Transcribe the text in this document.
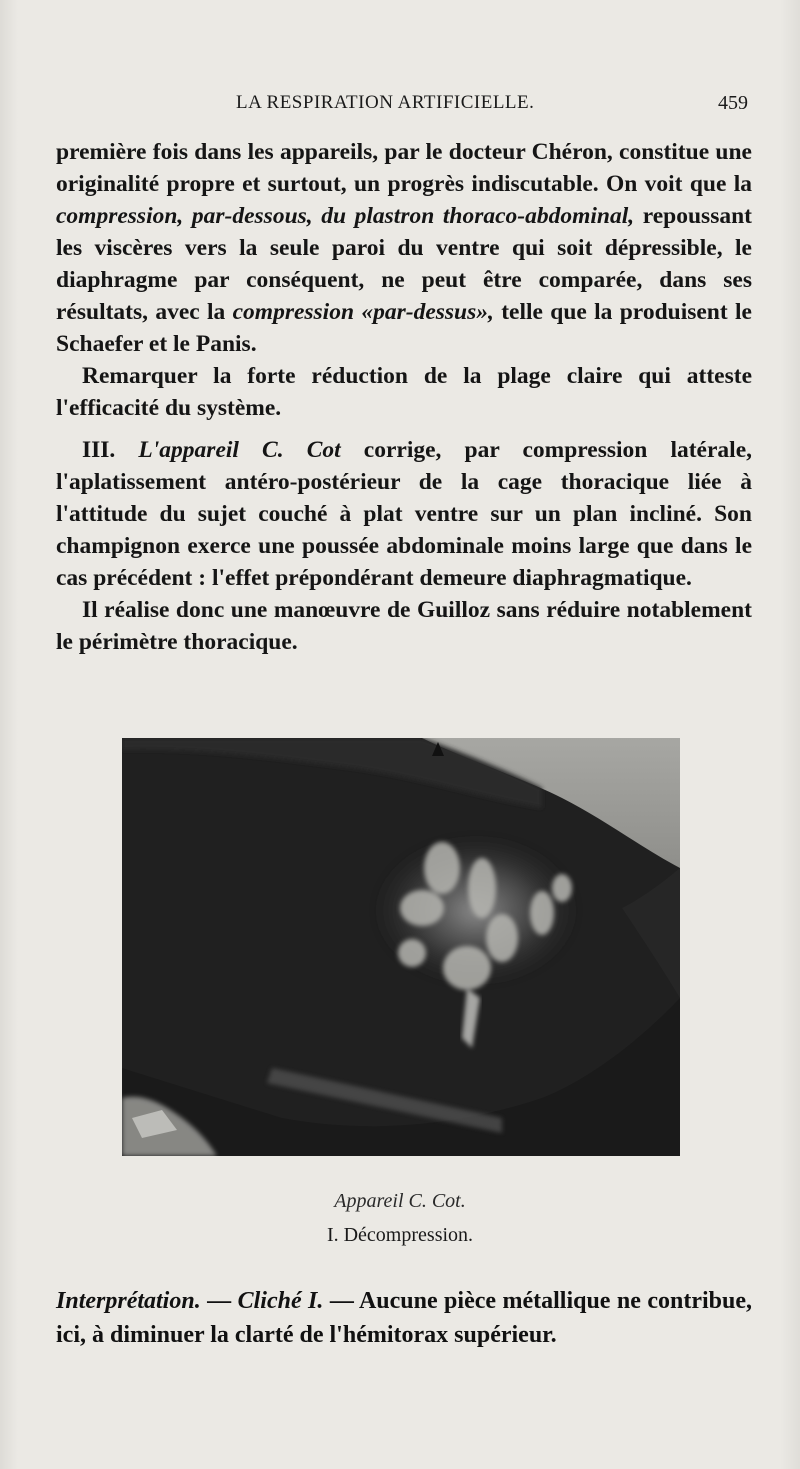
LA RESPIRATION ARTIFICIELLE.	459

première fois dans les appareils, par le docteur Chéron, constitue une originalité propre et surtout, un progrès indiscutable. On voit que la compression, par-dessous, du plastron thoraco-abdominal, repoussant les viscères vers la seule paroi du ventre qui soit dépressible, le diaphragme par conséquent, ne peut être comparée, dans ses résultats, avec la compression «par-dessus», telle que la produisent le Schaefer et le Panis.

Remarquer la forte réduction de la plage claire qui atteste l'efficacité du système.

III. L'appareil C. Cot corrige, par compression latérale, l'aplatissement antéro-postérieur de la cage thoracique liée à l'attitude du sujet couché à plat ventre sur un plan incliné. Son champignon exerce une poussée abdominale moins large que dans le cas précédent : l'effet prépondérant demeure diaphragmatique.

Il réalise donc une manœuvre de Guilloz sans réduire notablement le périmètre thoracique.

Appareil C. Cot.
I. Décompression.
Interprétation. — Cliché I. — Aucune pièce métallique ne contribue, ici, à diminuer la clarté de l'hémitorax supérieur.
